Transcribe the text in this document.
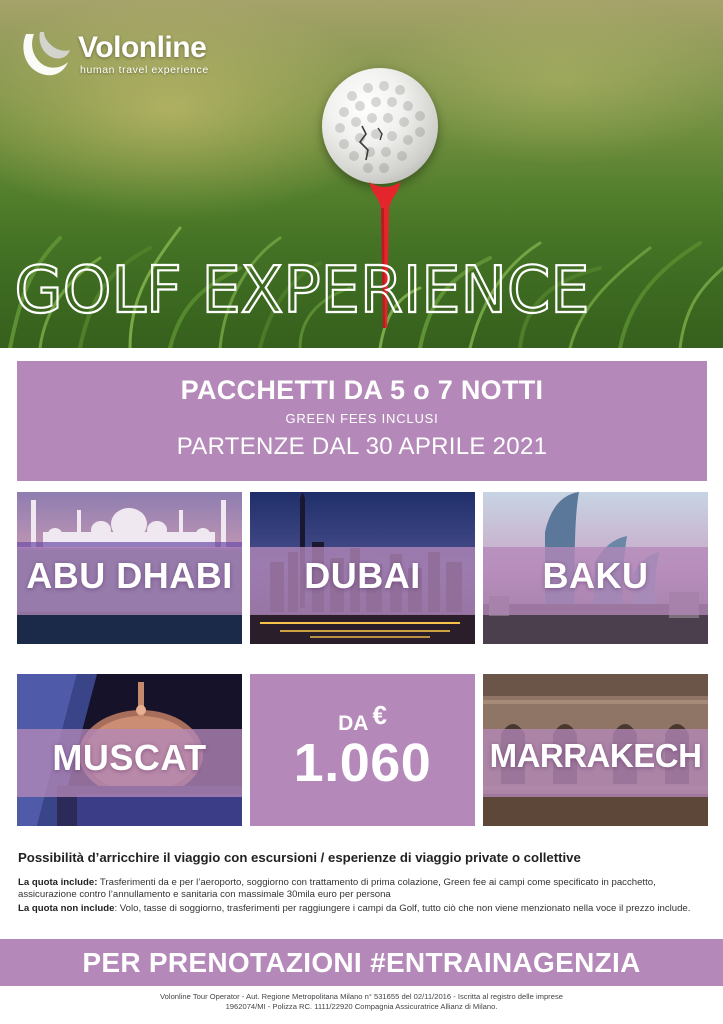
Volonline
human travel experience
GOLF EXPERIENCE
PACCHETTI DA 5 o 7 NOTTI
GREEN FEES INCLUSI
PARTENZE DAL 30 APRILE 2021
ABU DHABI	DUBAI	BAKU
MUSCAT
DA €
1.060	MARRAKECH
Possibilità d’arricchire il viaggio con escursioni / esperienze di viaggio private o collettive

La quota include: Trasferimenti da e per l’aeroporto, soggiorno con trattamento di prima colazione, Green fee ai campi come specificato in pacchetto, assicurazione contro l’annullamento e sanitaria con massimale 30mila euro per persona

La quota non include: Volo, tasse di soggiorno, trasferimenti per raggiungere i campi da Golf, tutto ciò che non viene menzionato nella voce il prezzo include.

PER PRENOTAZIONI #ENTRAINAGENZIA
Volonline Tour Operator - Aut. Regione Metropolitana Milano n° 531655 del 02/11/2016 - Iscritta al registro delle imprese
1962074/MI - Polizza RC. 1111/22920 Compagnia Assicuratrice Allianz di Milano.
